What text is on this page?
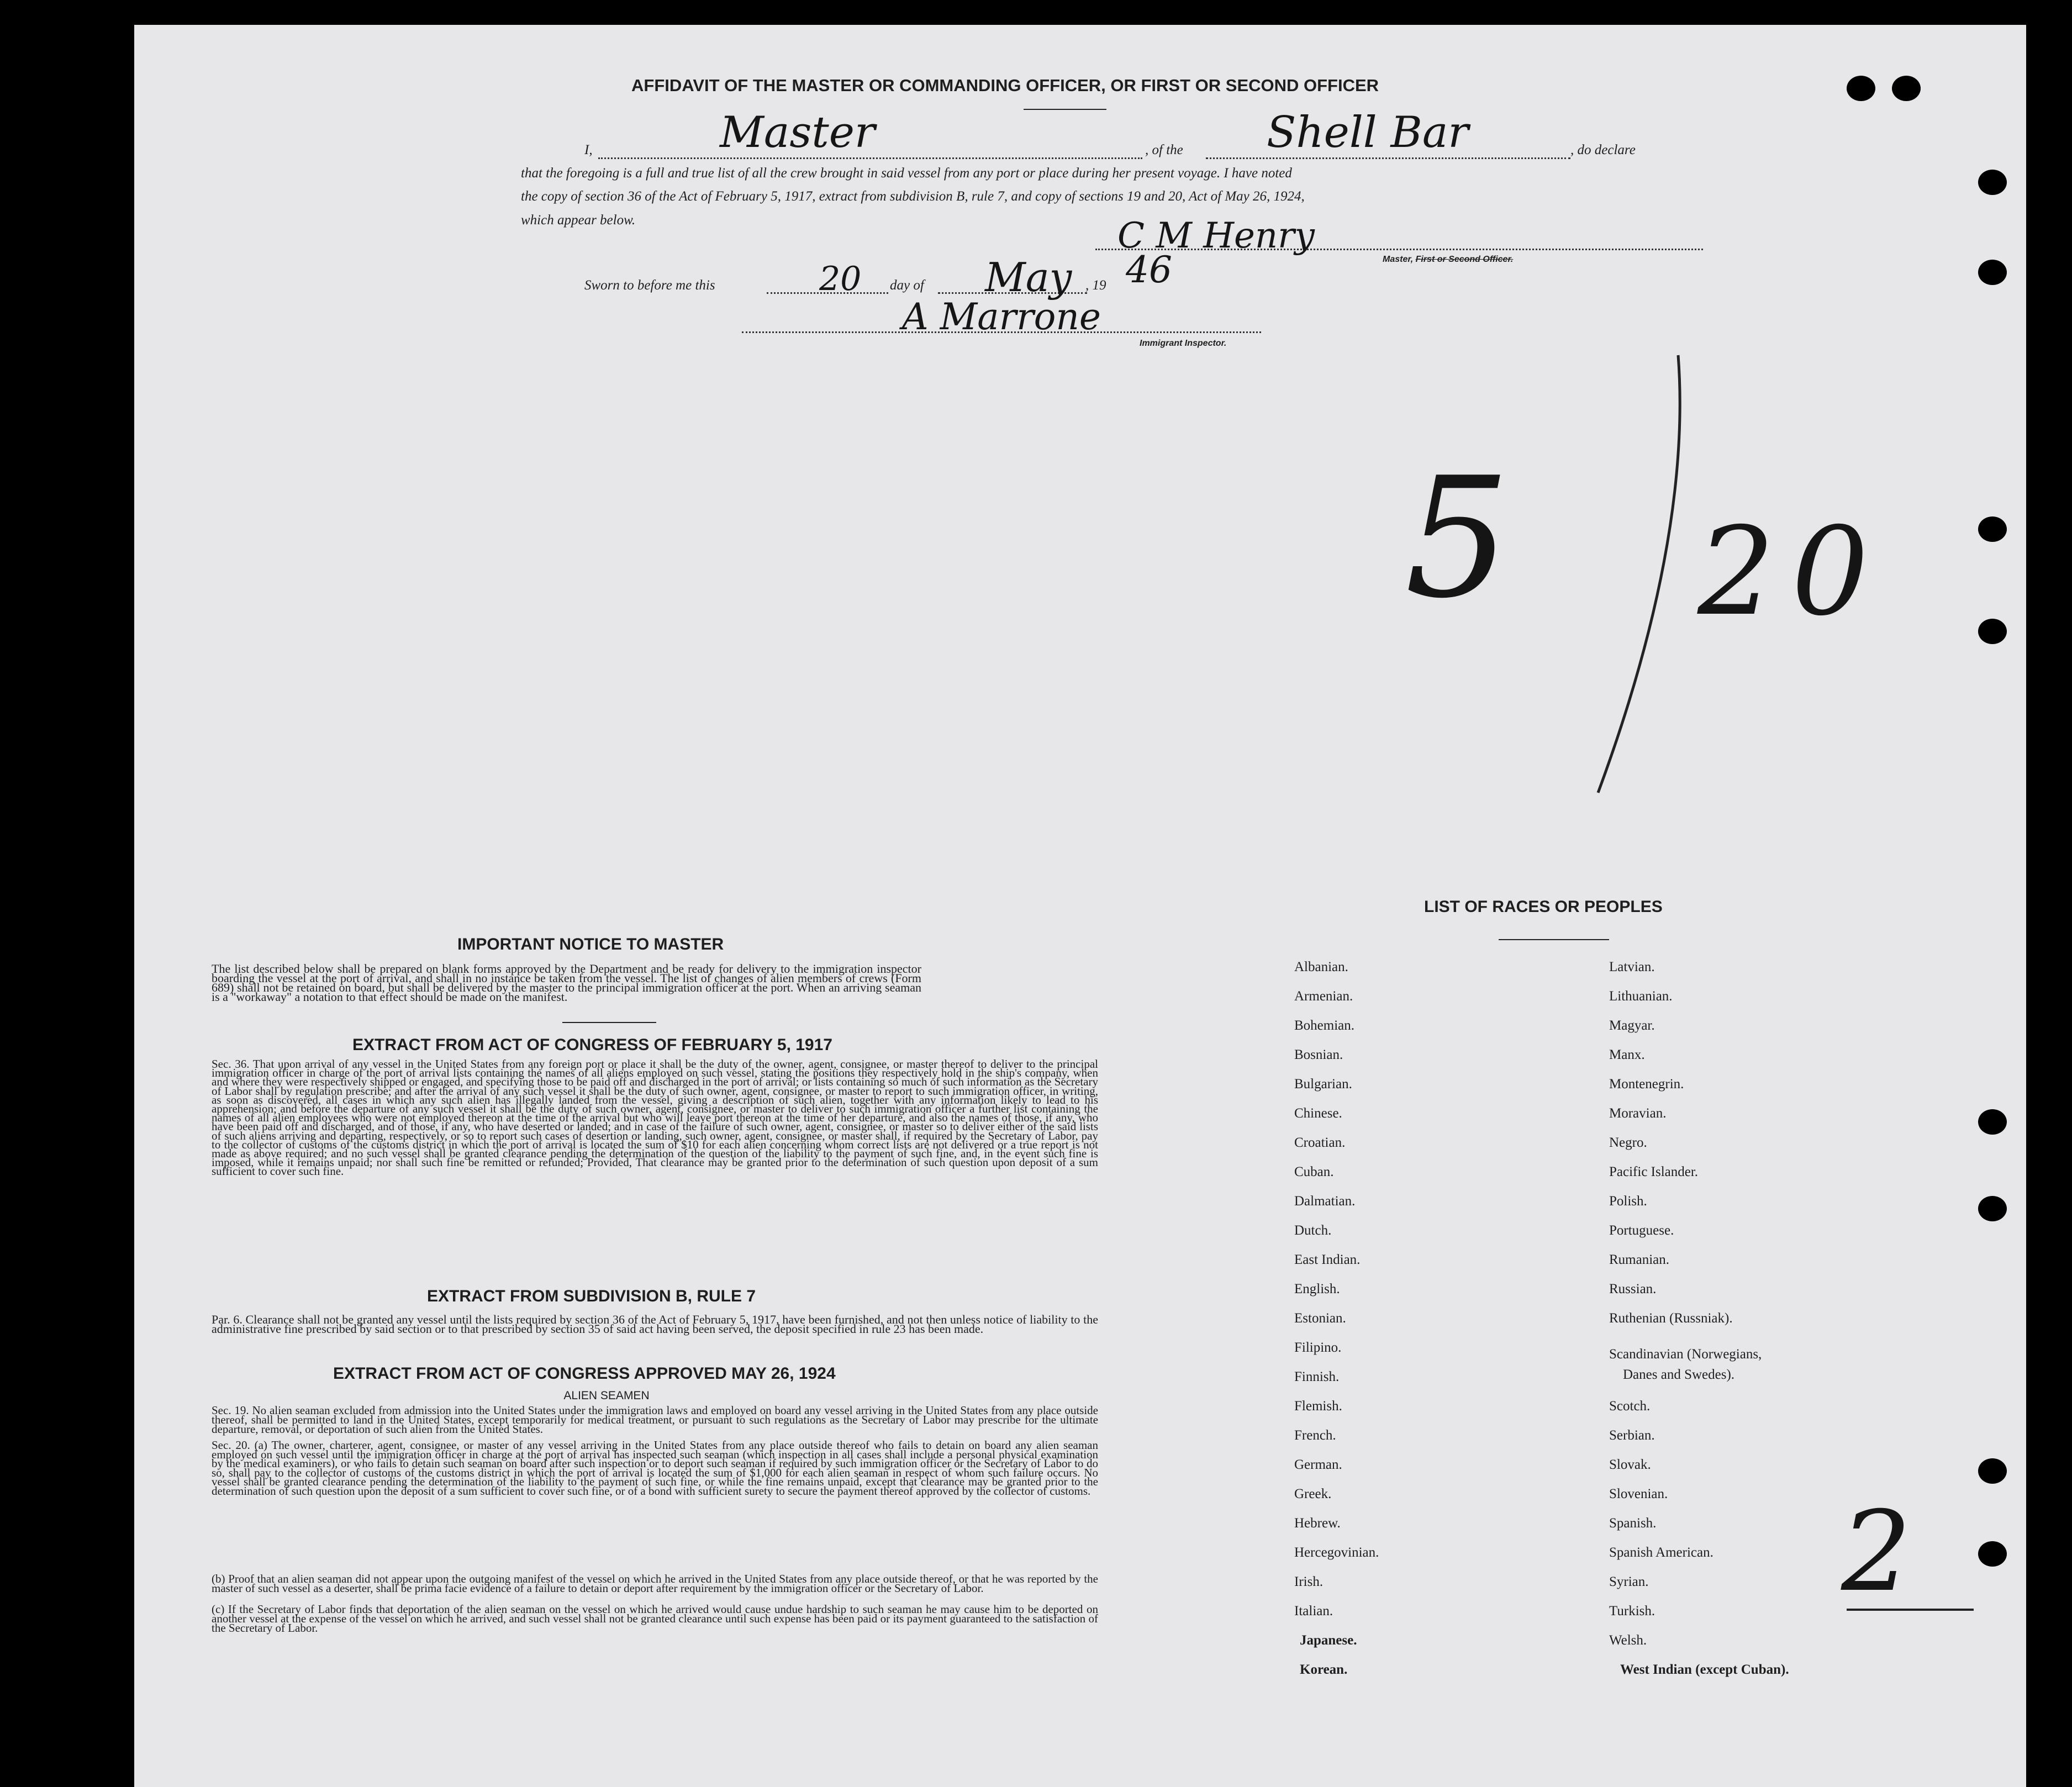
AFFIDAVIT OF THE MASTER OR COMMANDING OFFICER, OR FIRST OR SECOND OFFICER
I,	Master	, of the Shell Bar	, do declare
that the foregoing is a full and true list of all the crew brought in said vessel from any port or place during her present voyage. I have noted
the copy of section 36 of the Act of February 5, 1917, extract from subdivision B, rule 7, and copy of sections 19 and 20, Act of May 26, 1924,
which appear below.	C M Henry
Master, First or Second Officer.
Sworn to before me this	20 day of May , 19 46
A Marrone
Immigrant Inspector.
5 20
2
IMPORTANT NOTICE TO MASTER
The list described below shall be prepared on blank forms approved by the Department and be ready for delivery to the immigration inspector boarding the vessel at the port of arrival, and shall in no instance be taken from the vessel. The list of changes of alien members of crews (Form 689) shall not be retained on board, but shall be delivered by the master to the principal immigration officer at the port. When an arriving seaman is a "workaway" a notation to that effect should be made on the manifest.
EXTRACT FROM ACT OF CONGRESS OF FEBRUARY 5, 1917
Sec. 36. That upon arrival of any vessel in the United States from any foreign port or place it shall be the duty of the owner, agent, consignee, or master thereof to deliver to the principal immigration officer in charge of the port of arrival lists containing the names of all aliens employed on such vessel, stating the positions they respectively hold in the ship's company, when and where they were respectively shipped or engaged, and specifying those to be paid off and discharged in the port of arrival; or lists containing so much of such information as the Secretary of Labor shall by regulation prescribe; and after the arrival of any such vessel it shall be the duty of such owner, agent, consignee, or master to report to such immigration officer, in writing, as soon as discovered, all cases in which any such alien has illegally landed from the vessel, giving a description of such alien, together with any information likely to lead to his apprehension; and before the departure of any such vessel it shall be the duty of such owner, agent, consignee, or master to deliver to such immigration officer a further list containing the names of all alien employees who were not employed thereon at the time of the arrival but who will leave port thereon at the time of her departure, and also the names of those, if any, who have been paid off and discharged, and of those, if any, who have deserted or landed; and in case of the failure of such owner, agent, consignee, or master so to deliver either of the said lists of such aliens arriving and departing, respectively, or so to report such cases of desertion or landing, such owner, agent, consignee, or master shall, if required by the Secretary of Labor, pay to the collector of customs of the customs district in which the port of arrival is located the sum of $10 for each alien concerning whom correct lists are not delivered or a true report is not made as above required; and no such vessel shall be granted clearance pending the determination of the question of the liability to the payment of such fine, and, in the event such fine is imposed, while it remains unpaid; nor shall such fine be remitted or refunded; Provided, That clearance may be granted prior to the determination of such question upon deposit of a sum sufficient to cover such fine.
EXTRACT FROM SUBDIVISION B, RULE 7
Par. 6. Clearance shall not be granted any vessel until the lists required by section 36 of the Act of February 5, 1917, have been furnished, and not then unless notice of liability to the administrative fine prescribed by said section or to that prescribed by section 35 of said act having been served, the deposit specified in rule 23 has been made.
EXTRACT FROM ACT OF CONGRESS APPROVED MAY 26, 1924
ALIEN SEAMEN
Sec. 19. No alien seaman excluded from admission into the United States under the immigration laws and employed on board any vessel arriving in the United States from any place outside thereof, shall be permitted to land in the United States, except temporarily for medical treatment, or pursuant to such regulations as the Secretary of Labor may prescribe for the ultimate departure, removal, or deportation of such alien from the United States.
Sec. 20. (a) The owner, charterer, agent, consignee, or master of any vessel arriving in the United States from any place outside thereof who fails to detain on board any alien seaman employed on such vessel until the immigration officer in charge at the port of arrival has inspected such seaman (which inspection in all cases shall include a personal physical examination by the medical examiners), or who fails to detain such seaman on board after such inspection or to deport such seaman if required by such immigration officer or the Secretary of Labor to do so, shall pay to the collector of customs of the customs district in which the port of arrival is located the sum of $1,000 for each alien seaman in respect of whom such failure occurs. No vessel shall be granted clearance pending the determination of the liability to the payment of such fine, or while the fine remains unpaid, except that clearance may be granted prior to the determination of such question upon the deposit of a sum sufficient to cover such fine, or of a bond with sufficient surety to secure the payment thereof approved by the collector of customs.
(b) Proof that an alien seaman did not appear upon the outgoing manifest of the vessel on which he arrived in the United States from any place outside thereof, or that he was reported by the master of such vessel as a deserter, shall be prima facie evidence of a failure to detain or deport after requirement by the immigration officer or the Secretary of Labor.
(c) If the Secretary of Labor finds that deportation of the alien seaman on the vessel on which he arrived would cause undue hardship to such seaman he may cause him to be deported on another vessel at the expense of the vessel on which he arrived, and such vessel shall not be granted clearance until such expense has been paid or its payment guaranteed to the satisfaction of the Secretary of Labor.
LIST OF RACES OR PEOPLES
Albanian.
Armenian.
Bohemian.
Bosnian.
Bulgarian.
Chinese.
Croatian.
Cuban.
Dalmatian.
Dutch.
East Indian.
English.
Estonian.
Filipino.
Finnish.
Flemish.
French.
German.
Greek.
Hebrew.
Hercegovinian.
Irish.
Italian.
Japanese.
Korean.
Latvian.
Lithuanian.
Magyar.
Manx.
Montenegrin.
Moravian.
Negro.
Pacific Islander.
Polish.
Portuguese.
Rumanian.
Russian.
Ruthenian (Russniak).
Scandinavian (Norwegians,
Danes and Swedes).
Scotch.
Serbian.
Slovak.
Slovenian.
Spanish.
Spanish American.
Syrian.
Turkish.
Welsh.
West Indian (except Cuban).
